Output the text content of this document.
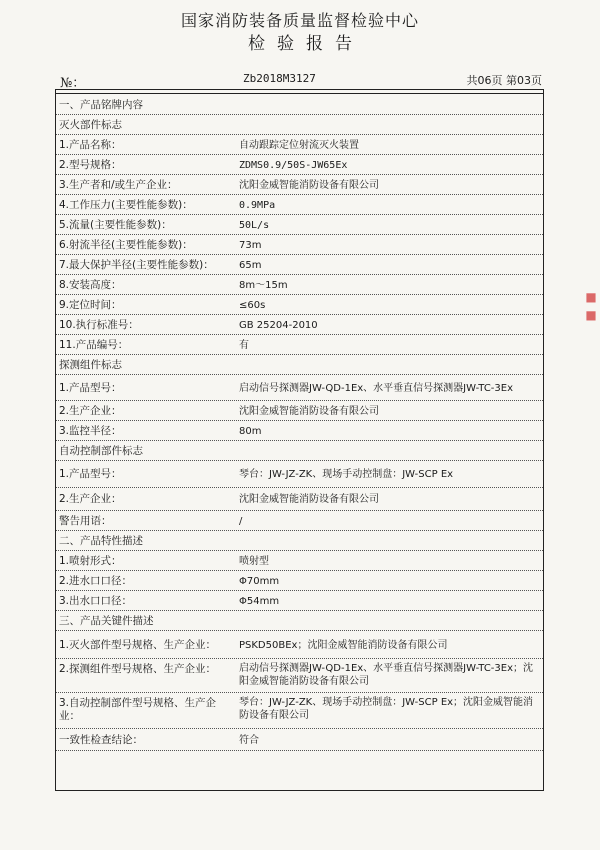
国家消防装备质量监督检验中心
检验报告
№：	Zb2018M3127	共06页 第03页
一、产品铭牌内容
灭火部件标志
1.产品名称：	自动跟踪定位射流灭火装置
2.型号规格：	ZDMS0.9/50S-JW65Ex
3.生产者和/或生产企业：	沈阳金威智能消防设备有限公司
4.工作压力(主要性能参数)：	0.9MPa
5.流量(主要性能参数)：	50L/s
6.射流半径(主要性能参数)：	73m
7.最大保护半径(主要性能参数)：	65m
8.安装高度：	8m～15m
9.定位时间：	≤60s
10.执行标准号：	GB 25204-2010
11.产品编号：	有
探测组件标志
1.产品型号：	启动信号探测器JW-QD-1Ex、水平垂直信号探测器JW-TC-3Ex
2.生产企业：	沈阳金威智能消防设备有限公司
3.监控半径：	80m
自动控制部件标志
1.产品型号：	琴台：JW-JZ-ZK、现场手动控制盘：JW-SCP Ex
2.生产企业：	沈阳金威智能消防设备有限公司
警告用语：	/
二、产品特性描述
1.喷射形式：	喷射型
2.进水口口径：	Φ70mm
3.出水口口径：	Φ54mm
三、产品关键件描述
1.灭火部件型号规格、生产企业： PSKD50BEx；沈阳金威智能消防设备有限公司
2.探测组件型号规格、生产企业：	启动信号探测器JW-QD-1Ex、水平垂直信号探测器JW-TC-3Ex；沈阳金威智能消防设备有限公司
3.自动控制部件型号规格、生产企业：
琴台：JW-JZ-ZK、现场手动控制盘：JW-SCP Ex；沈阳金威智能消防设备有限公司
一致性检查结论：	符合
■ ■
